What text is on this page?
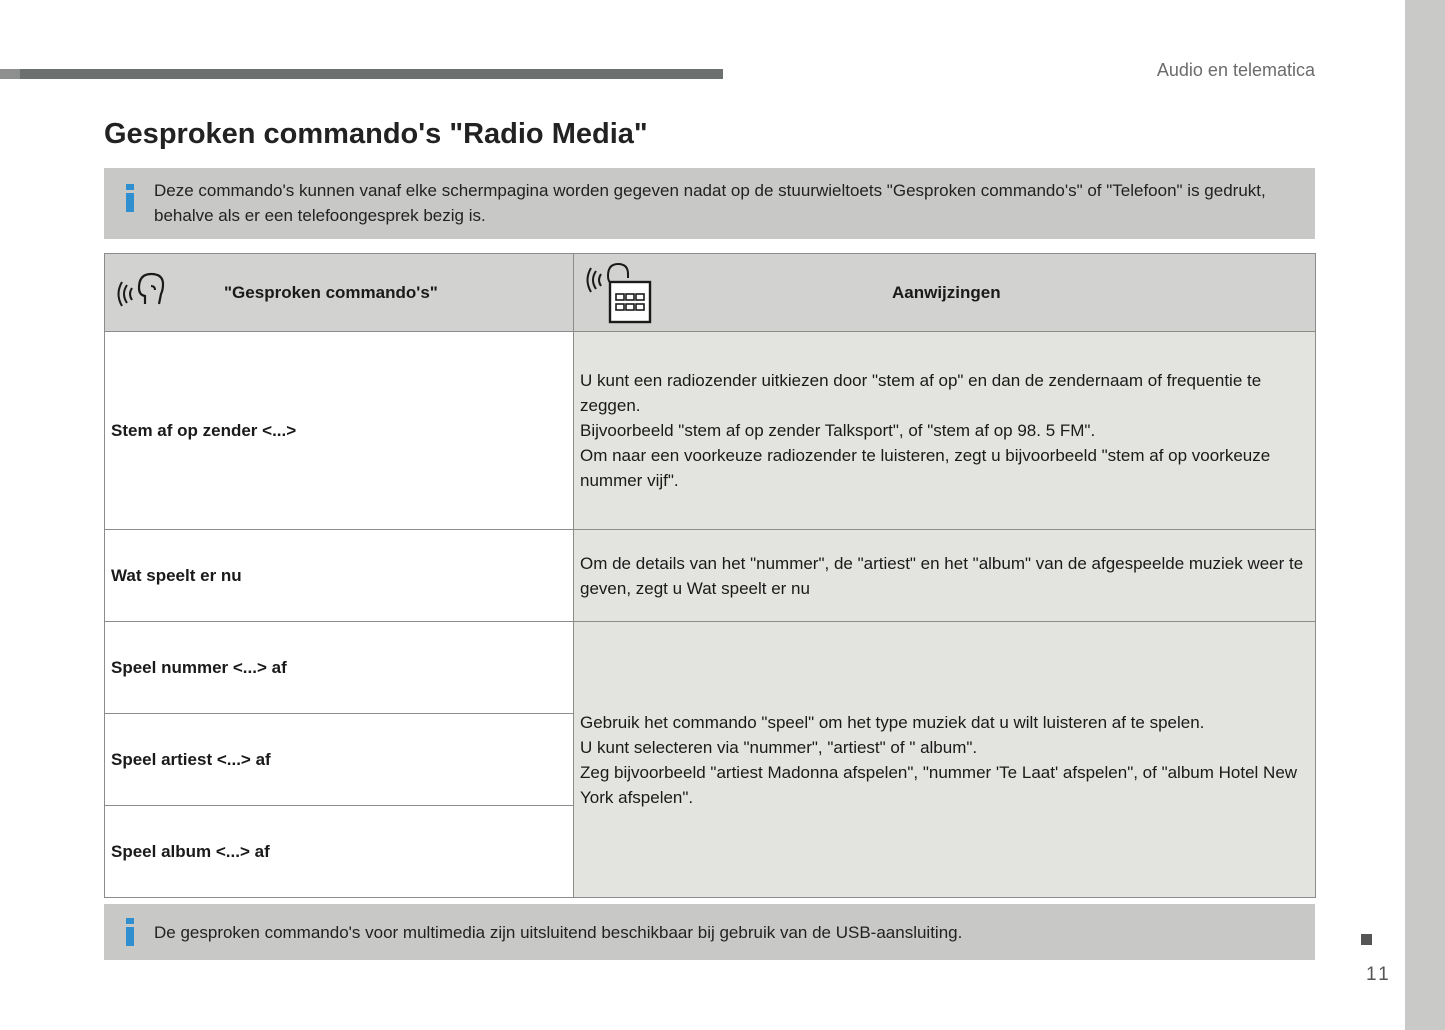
Audio en telematica
Gesproken commando's "Radio Media"
Deze commando's kunnen vanaf elke schermpagina worden gegeven nadat op de stuurwieltoets "Gesproken commando's" of "Telefoon" is gedrukt, behalve als er een telefoongesprek bezig is.
"Gesproken commando's"	Aanwijzingen

Stem af op zender <...>	U kunt een radiozender uitkiezen door "stem af op" en dan de zendernaam of frequentie te zeggen.

Bijvoorbeeld "stem af op zender Talksport", of "stem af op 98. 5 FM".

Om naar een voorkeuze radiozender te luisteren, zegt u bijvoorbeeld "stem af op voorkeuze nummer vijf".

Wat speelt er nu	Om de details van het "nummer", de "artiest" en het "album" van de afgespeelde muziek weer te geven, zegt u Wat speelt er nu

Speel nummer <...> af	Gebruik het commando "speel" om het type muziek dat u wilt luisteren af te spelen.

U kunt selecteren via "nummer", "artiest" of " album".

Zeg bijvoorbeeld "artiest Madonna afspelen", "nummer 'Te Laat' afspelen", of "album Hotel New York afspelen".

Speel artiest <...> af	
Speel album <...> af	
De gesproken commando's voor multimedia zijn uitsluitend beschikbaar bij gebruik van de USB-aansluiting.
11
